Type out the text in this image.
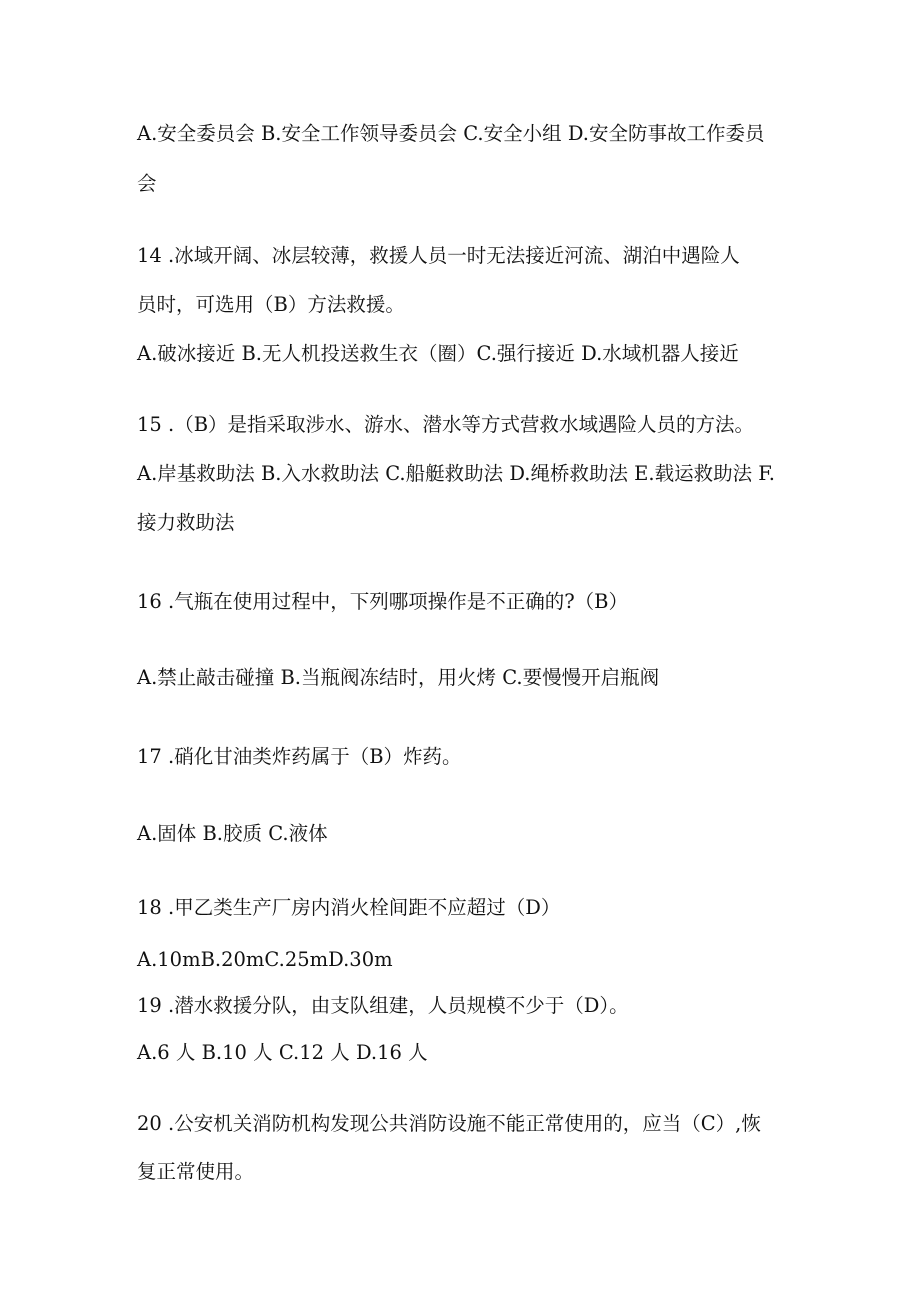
A.安全委员会 B.安全工作领导委员会 C.安全小组 D.安全防事故工作委员
会
14 .冰域开阔、冰层较薄，救援人员一时无法接近河流、湖泊中遇险人
员时，可选用（B）方法救援。
A.破冰接近 B.无人机投送救生衣（圈）C.强行接近 D.水域机器人接近
15 .（B）是指采取涉水、游水、潜水等方式营救水域遇险人员的方法。
A.岸基救助法 B.入水救助法 C.船艇救助法 D.绳桥救助法 E.载运救助法 F.
接力救助法
16 .气瓶在使用过程中，下列哪项操作是不正确的?（B）
A.禁止敲击碰撞 B.当瓶阀冻结时，用火烤 C.要慢慢开启瓶阀
17 .硝化甘油类炸药属于（B）炸药。
A.固体 B.胶质 C.液体
18 .甲乙类生产厂房内消火栓间距不应超过（D）
A.10mB.20mC.25mD.30m
19 .潜水救援分队，由支队组建，人员规模不少于（D）。
A.6 人 B.10 人 C.12 人 D.16 人
20 .公安机关消防机构发现公共消防设施不能正常使用的，应当（C）,恢
复正常使用。
